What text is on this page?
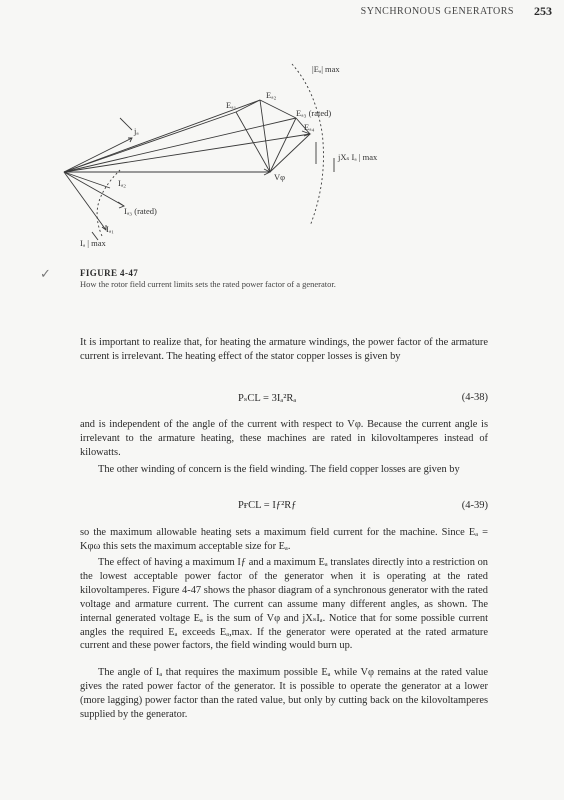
SYNCHRONOUS GENERATORS 253
|Eₐ| max
Eₐ₂
Eₐ₁
Eₐ₃ (rated)
Eₐ₄
jₐ
jXₛ Iₐ | max
Iₐ₂
Vφ
Iₐ₃ (rated)
Iₐ₁
Iₐ | max
✓	FIGURE 4-47
How the rotor field current limits sets the rated power factor of a generator.

It is important to realize that, for heating the armature windings, the power factor of the armature current is irrelevant. The heating effect of the stator copper losses is given by

PₛCL = 3Iₐ²Rₐ	(4-38)

and is independent of the angle of the current with respect to Vφ. Because the current angle is irrelevant to the armature heating, these machines are rated in kilovoltamperes instead of kilowatts.

The other winding of concern is the field winding. The field copper losses are given by

PғCL = Iƒ²Rƒ	(4-39)

so the maximum allowable heating sets a maximum field current for the machine. Since Eₐ = Kφω this sets the maximum acceptable size for Eₐ.

The effect of having a maximum Iƒ and a maximum Eₐ translates directly into a restriction on the lowest acceptable power factor of the generator when it is operating at the rated kilovoltamperes. Figure 4-47 shows the phasor diagram of a synchronous generator with the rated voltage and armature current. The current can assume many different angles, as shown. The internal generated voltage Eₐ is the sum of Vφ and jXₛIₐ. Notice that for some possible current angles the required Eₐ exceeds Eₐ,max. If the generator were operated at the rated armature current and these power factors, the field winding would burn up.

The angle of Iₐ that requires the maximum possible Eₐ while Vφ remains at the rated value gives the rated power factor of the generator. It is possible to operate the generator at a lower (more lagging) power factor than the rated value, but only by cutting back on the kilovoltamperes supplied by the generator.
